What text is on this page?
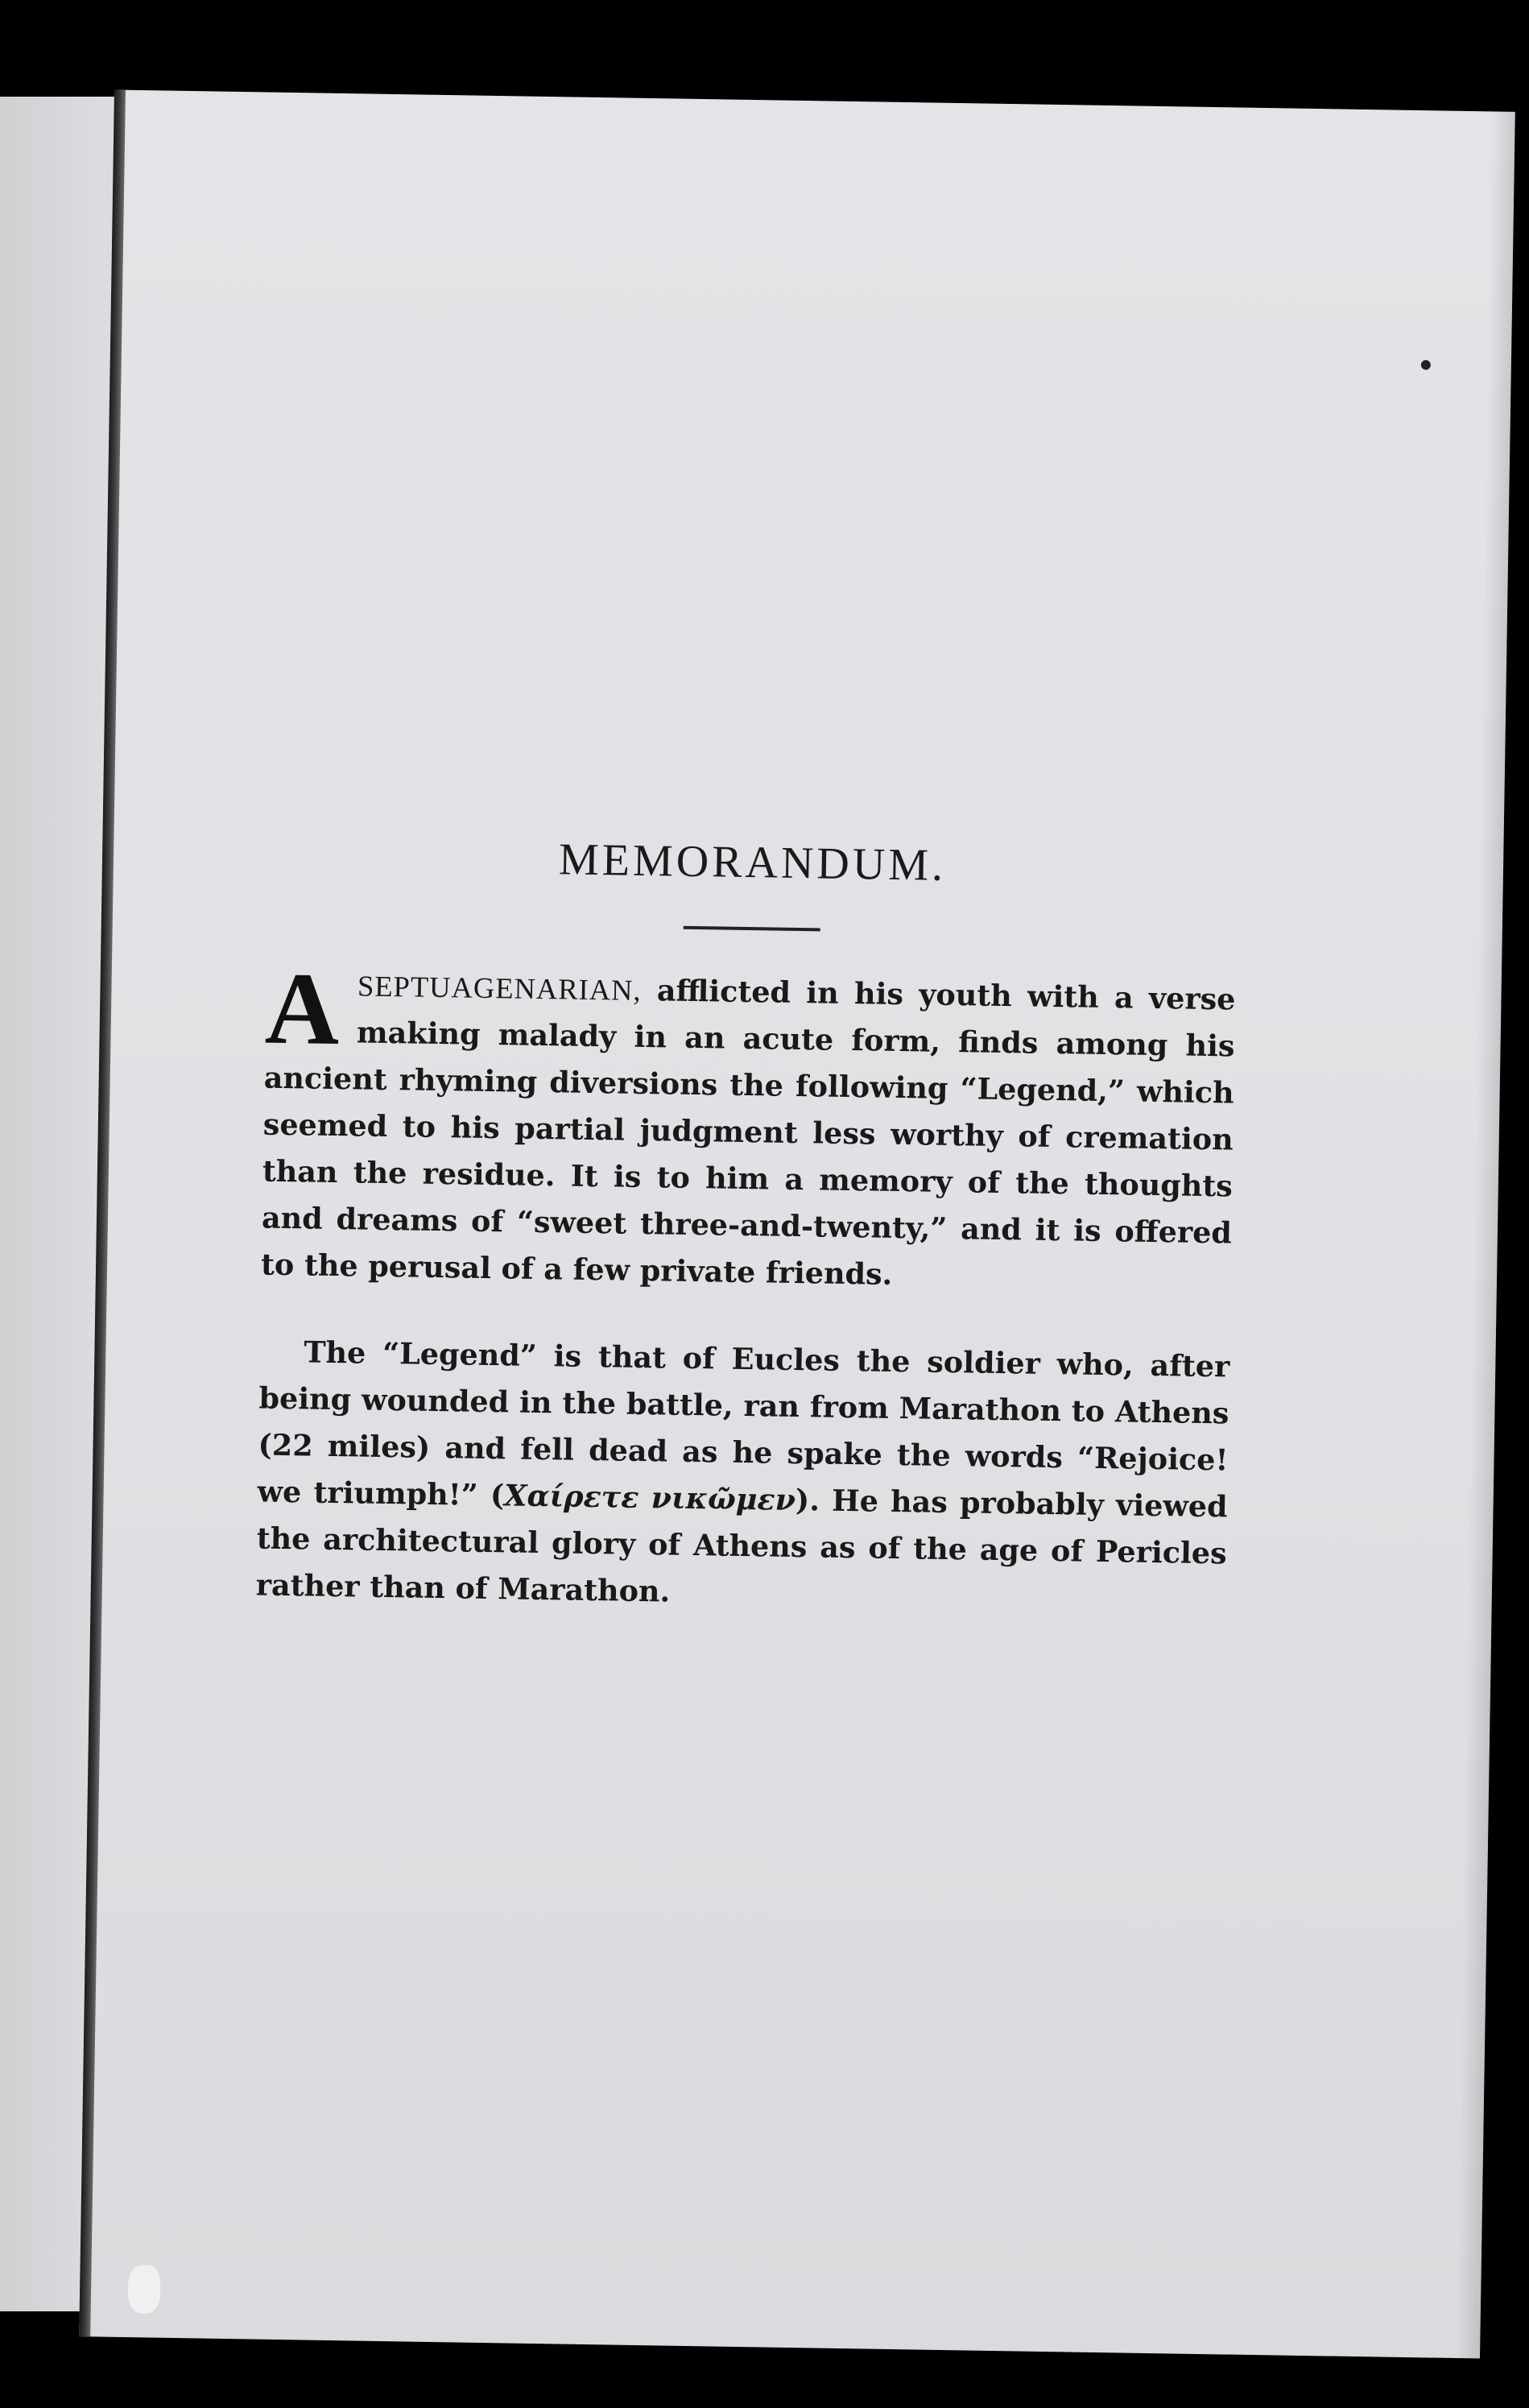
MEMORANDUM.

ASEPTUAGENARIAN, afflicted in his youth with a verse making malady in an acute form, finds among his ancient rhyming diversions the following “Legend,” which seemed to his partial judgment less worthy of cremation than the residue. It is to him a memory of the thoughts and dreams of “sweet three-and-twenty,” and it is offered to the perusal of a few private friends.

The “Legend” is that of Eucles the soldier who, after being wounded in the battle, ran from Marathon to Athens (22 miles) and fell dead as he spake the words “Rejoice! we triumph!” (Χαίρετε νικῶμεν). He has probably viewed the architectural glory of Athens as of the age of Pericles rather than of Marathon.
